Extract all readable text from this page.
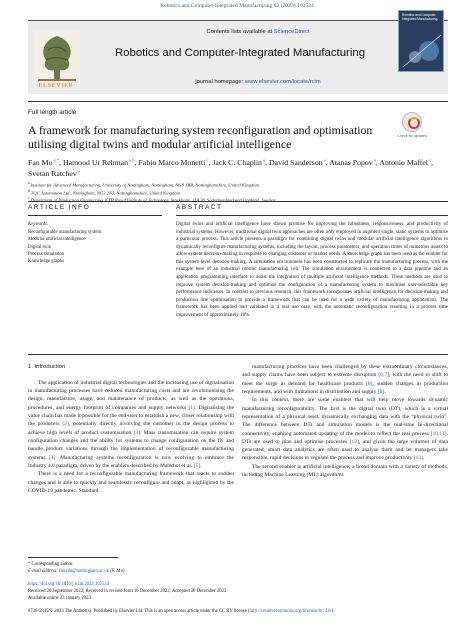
Robotics and Computer-Integrated Manufacturing 82 (2023) 102524
ELSEVIER
Contents lists available at ScienceDirect
Robotics and Computer-Integrated Manufacturing
journal homepage: www.elsevier.com/locate/rcim
Robotics and Computer-Integrated Manufacturing
Full length article
Check for updates
A framework for manufacturing system reconfiguration and optimisation utilising digital twins and modular artificial intelligence
Fan Mo $^{a,*}$, Hamood Ur Rehman $^{a,b}$, Fabio Marco Monetti $^c$, Jack C. Chaplin $^a$, David Sanderson $^a$, Atanas Popov $^a$, Antonio Maffei $^c$, Svetan Ratchev $^a$
$^a$ Institute for Advanced Manufacturing, University of Nottingham, Nottingham, NG8 1BB, Nottinghamshire, United Kingdom
$^b$ TQC Automation Ltd., Nottingham, NG3 2NJ, Nottinghamshire, United Kingdom
$^c$ Department of Production Engineering, KTH Royal Institute of Technology, Stockholm, 114 28, Södermanland and Uppland, Sweden
ARTICLE INFO	ABSTRACT
Keywords:
Reconfigurable manufacturing system
Modular artificial intelligence
Digital twin
Process simulation
Knowledge graphs
Digital twins and artificial intelligence have shown promise for improving the robustness, responsiveness, and productivity of industrial systems. However, traditional digital twin approaches are often only employed to augment single, static systems to optimise a particular process. This article presents a paradigm for combining digital twins and modular artificial intelligence algorithms to dynamically reconfigure manufacturing systems, including the layout, process parameters, and operation times of numerous assets to allow system decision-making in response to changing customer or market needs. A knowledge graph has been used as the enabler for this system-level decision-making. A simulation environment has been constructed to replicate the manufacturing process, with the example here of an industrial robotic manufacturing cell. The simulation environment is connected to a data pipeline and an application programming interface to assist the integration of multiple artificial intelligence methods. These methods are used to improve system decision-making and optimise the configuration of a manufacturing system to maximise user-selectable key performance indicators. In contrast to previous research, this framework incorporates artificial intelligence for decision-making and production line optimisation to provide a framework that can be used for a wide variety of manufacturing applications. The framework has been applied and validated in a real use case, with the automatic reconfiguration resulting in a process time improvement of approximately 10%.

1. Introduction

The application of industrial digital technologies and the increasing use of digitalisation in manufacturing processes have reduced manufacturing costs and are revolutionising the design, manufacture, usage, and maintenance of products, as well as the operations, procedures, and energy footprint of companies and supply networks [1]. Digitalising the value chain has made it possible for the end-user to establish a new, closer relationship with the producers [2], potentially directly involving the customer in the design process to achieve high levels of product customisation [3]. Mass customisation can require system configuration changes and the ability for systems to change configuration on the fly and handle product variations through the implementation of reconfigurable manufacturing systems [4]. Manufacturing systems reconfiguration is now evolving to embrace the Industry 4.0 paradigm, driven by the enablers described by Mabkhot et al. [5].

There is a need for a reconfigurable manufacturing framework that reacts to sudden changes and is able to quickly and seamlessly reconfigure and adapt, as highlighted by the COVID-19 pandemic. Standard

manufacturing practices have been challenged by these extraordinary circumstances, and supply chains have been subject to extreme disruption [6,7], with the need to shift to meet the surge in demand for healthcare products [8], sudden changes in production requirements, and with limitations in distribution and supply [9].

In this context, there are some enablers that will help move towards dynamic manufacturing reconfigurability. The first is the digital twin (DT), which is a virtual representation of a physical asset, dynamically exchanging data with the “physical twin”. The difference between DTs and simulation models is the real-time bi-directional connectivity, enabling automated updating of the model to reflect the real process [10,11]. DTs are used to plan and optimise processes [12], and given the large volumes of data generated, smart data analytics are often used to analyse them and let managers take responsible, rapid decisions to regulate the process and improve productivity [13].

The second enabler is artificial intelligence, a broad domain with a variety of methods, including Machine Learning (ML) algorithms

* Corresponding author.
E-mail address: fan.mo@nottingham.ac.uk (F. Mo).
https://doi.org/10.1016/j.rcim.2022.102524
Received 20 September 2022; Received in revised form 16 December 2022; Accepted 30 December 2022
Available online 23 January 2023
0736-5845/© 2023 The Author(s). Published by Elsevier Ltd. This is an open access article under the CC BY license (http://creativecommons.org/licenses/by/4.0/).
